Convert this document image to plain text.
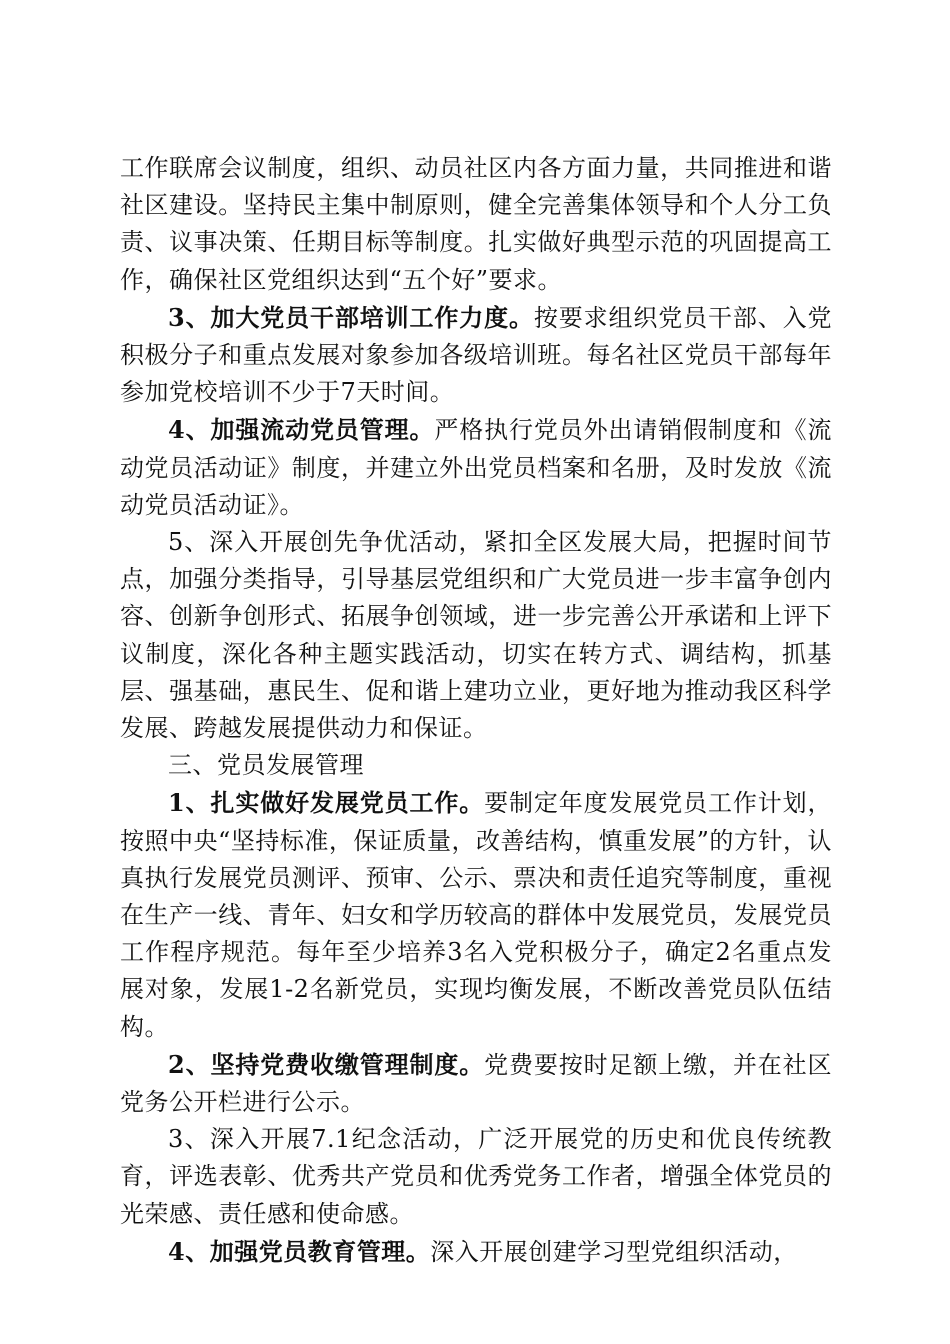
工作联席会议制度，组织、动员社区内各方面力量，共同推进和谐社区建设。坚持民主集中制原则，健全完善集体领导和个人分工负责、议事决策、任期目标等制度。扎实做好典型示范的巩固提高工作，确保社区党组织达到“五个好”要求。

3、加大党员干部培训工作力度。按要求组织党员干部、入党积极分子和重点发展对象参加各级培训班。每名社区党员干部每年参加党校培训不少于7天时间。

4、加强流动党员管理。严格执行党员外出请销假制度和《流动党员活动证》制度，并建立外出党员档案和名册，及时发放《流动党员活动证》。

5、深入开展创先争优活动，紧扣全区发展大局，把握时间节点，加强分类指导，引导基层党组织和广大党员进一步丰富争创内容、创新争创形式、拓展争创领域，进一步完善公开承诺和上评下议制度，深化各种主题实践活动，切实在转方式、调结构，抓基层、强基础，惠民生、促和谐上建功立业，更好地为推动我区科学发展、跨越发展提供动力和保证。

三、党员发展管理

1、扎实做好发展党员工作。要制定年度发展党员工作计划，按照中央“坚持标准，保证质量，改善结构，慎重发展”的方针，认真执行发展党员测评、预审、公示、票决和责任追究等制度，重视在生产一线、青年、妇女和学历较高的群体中发展党员，发展党员工作程序规范。每年至少培养3名入党积极分子，确定2名重点发展对象，发展1-2名新党员，实现均衡发展，不断改善党员队伍结构。

2、坚持党费收缴管理制度。党费要按时足额上缴，并在社区党务公开栏进行公示。

3、深入开展7.1纪念活动，广泛开展党的历史和优良传统教育，评选表彰、优秀共产党员和优秀党务工作者，增强全体党员的光荣感、责任感和使命感。

4、加强党员教育管理。深入开展创建学习型党组织活动，
